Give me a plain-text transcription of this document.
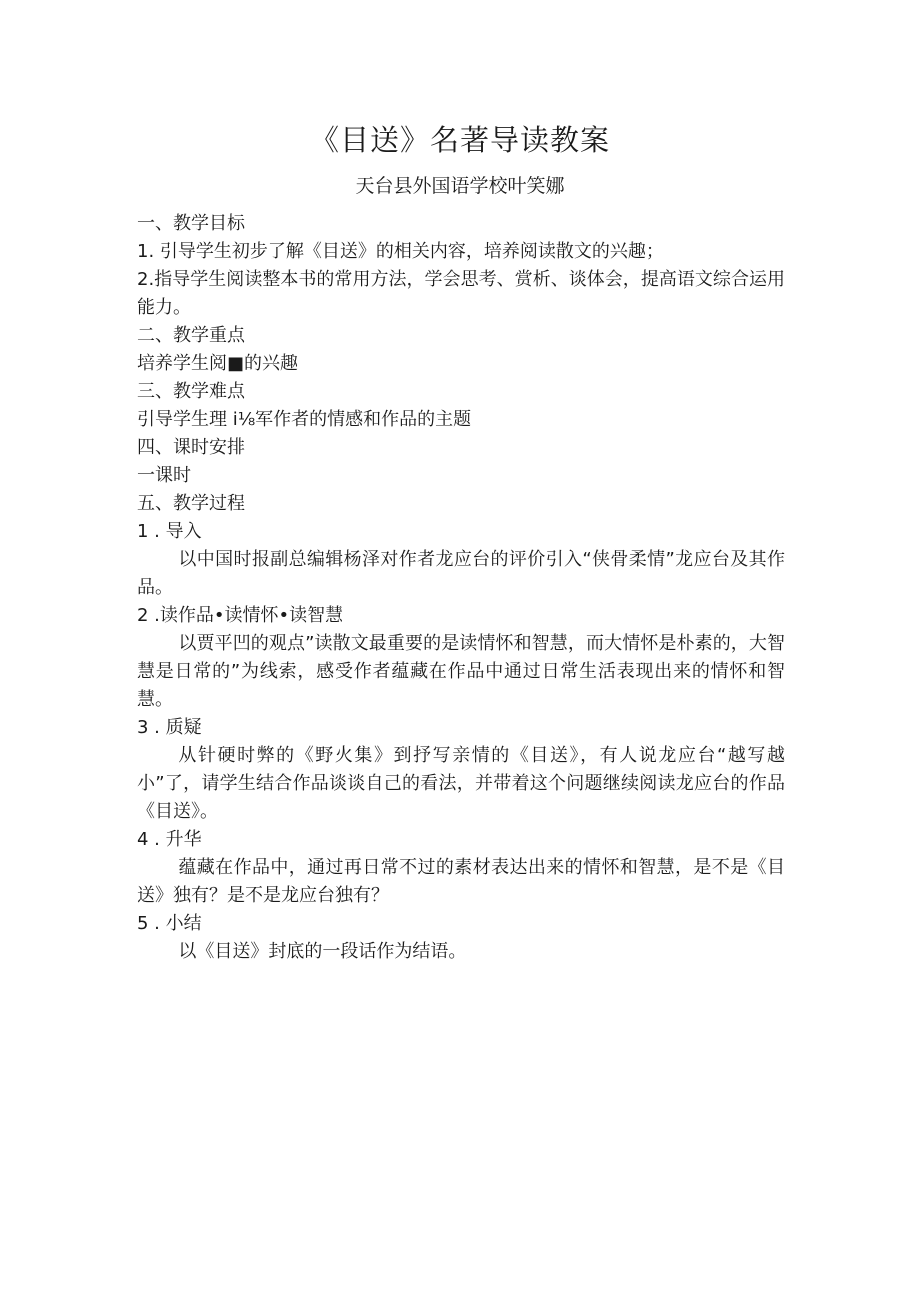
《目送》名著导读教案
天台县外国语学校叶笑娜
一、教学目标
1. 引导学生初步了解《目送》的相关内容，培养阅读散文的兴趣；
2.指导学生阅读整本书的常用方法，学会思考、赏析、谈体会，提高语文综合运用能力。
二、教学重点
培养学生阅■的兴趣
三、教学难点
引导学生理 i⅛军作者的情感和作品的主题
四、课时安排
一课时
五、教学过程
1 . 导入
以中国时报副总编辑杨泽对作者龙应台的评价引入“侠骨柔情”龙应台及其作品。
2 .读作品•读情怀•读智慧
以贾平凹的观点”读散文最重要的是读情怀和智慧，而大情怀是朴素的，大智慧是日常的”为线索，感受作者蕴藏在作品中通过日常生活表现出来的情怀和智慧。
3 . 质疑
从针硬时弊的《野火集》到抒写亲情的《目送》，有人说龙应台“越写越小”了，请学生结合作品谈谈自己的看法，并带着这个问题继续阅读龙应台的作品《目送》。
4 . 升华
蕴藏在作品中，通过再日常不过的素材表达出来的情怀和智慧，是不是《目送》独有？是不是龙应台独有？
5 . 小结
以《目送》封底的一段话作为结语。
